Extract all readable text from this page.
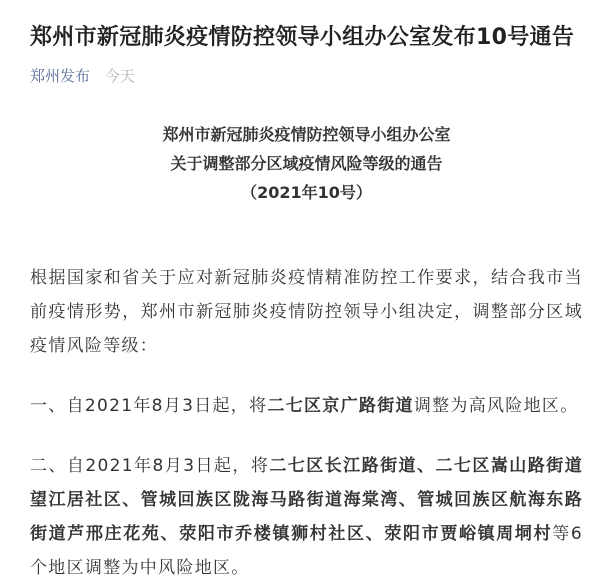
郑州市新冠肺炎疫情防控领导小组办公室发布10号通告
郑州发布 今天
郑州市新冠肺炎疫情防控领导小组办公室
关于调整部分区域疫情风险等级的通告
（2021年10号）

根据国家和省关于应对新冠肺炎疫情精准防控工作要求，结合我市当前疫情形势，郑州市新冠肺炎疫情防控领导小组决定，调整部分区域疫情风险等级：

一、自2021年8月3日起，将二七区京广路街道调整为高风险地区。

二、自2021年8月3日起，将二七区长江路街道、二七区嵩山路街道望江居社区、管城回族区陇海马路街道海棠湾、管城回族区航海东路街道芦邢庄花苑、荥阳市乔楼镇狮村社区、荥阳市贾峪镇周垌村等6个地区调整为中风险地区。
